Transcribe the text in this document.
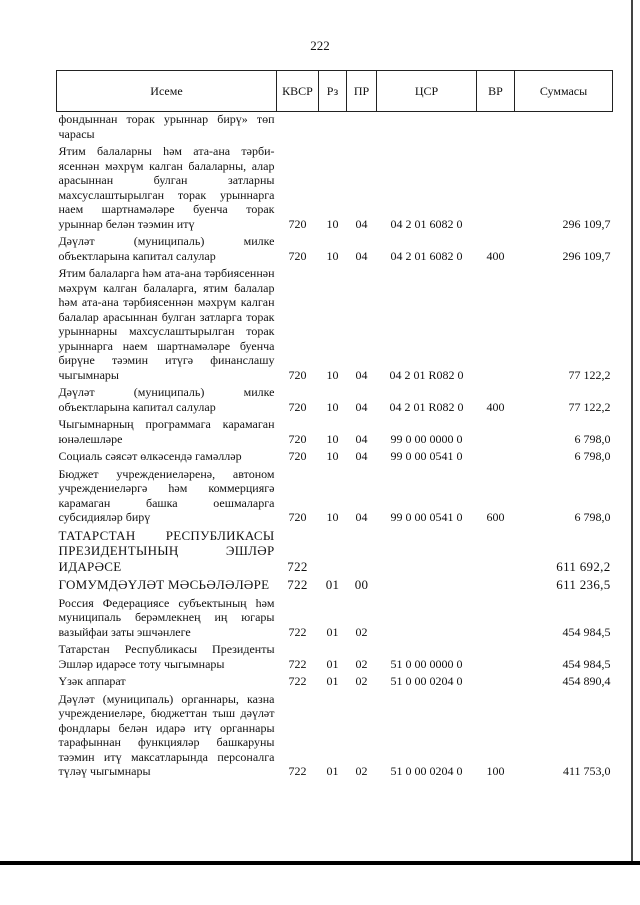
222
Исеме	КВСР	Рз	ПР	ЦСР	ВР	Суммасы
фондыннан торак урыннар бирү» төп чарасы						
Ятим балаларны һәм ата-ана тәрби- ясеннән мәхрүм калган балаларны, алар арасыннан булган затларны махсуслаштырылган торак урыннарга наем шартнамәләре буенча торак урыннар белән тәэмин итү	720	10	04	04 2 01 6082 0		296 109,7
Дәүләт (муниципаль) милке объектларына капитал салулар	720	10	04	04 2 01 6082 0	400	296 109,7
Ятим балаларга һәм ата-ана тәрбиясеннән мәхрүм калган балаларга, ятим балалар һәм ата-ана тәрбиясеннән мәхрүм калган балалар арасыннан булган затларга торак урыннарны махсуслаштырылган торак урыннарга наем шартнамәләре буенча бирүне тәэмин итүгә финанслашу чыгымнары	720	10	04	04 2 01 R082 0		77 122,2
Дәүләт (муниципаль) милке объектларына капитал салулар	720	10	04	04 2 01 R082 0	400	77 122,2
Чыгымнарның программага карамаган юнәлешләре	720	10	04	99 0 00 0000 0		6 798,0
Социаль сәясәт өлкәсендә гамәлләр	720	10	04	99 0 00 0541 0		6 798,0
Бюджет учреждениеләренә, автоном учреждениеләргә һәм коммерциягә карамаган башка оешмаларга субсидияләр бирү	720	10	04	99 0 00 0541 0	600	6 798,0
ТАТАРСТАН РЕСПУБЛИКАСЫ ПРЕЗИДЕНТЫНЫҢ ЭШЛӘР ИДАРӘСЕ	722					611 692,2
ГОМУМДӘҮЛӘТ МӘСЬӘЛӘЛӘРЕ	722	01	00			611 236,5
Россия Федерациясе субъектының һәм муниципаль берәмлекнең иң югары вазыйфаи заты эшчәнлеге	722	01	02			454 984,5
Татарстан Республикасы Президенты Эшләр идарәсе тоту чыгымнары	722	01	02	51 0 00 0000 0		454 984,5
Үзәк аппарат	722	01	02	51 0 00 0204 0		454 890,4
Дәүләт (муниципаль) органнары, казна учреждениеләре, бюджеттан тыш дәүләт фондлары белән идарә итү органнары тарафыннан функцияләр башкаруны тәэмин итү максатларында персоналга түләү чыгымнары	722	01	02	51 0 00 0204 0	100	411 753,0
